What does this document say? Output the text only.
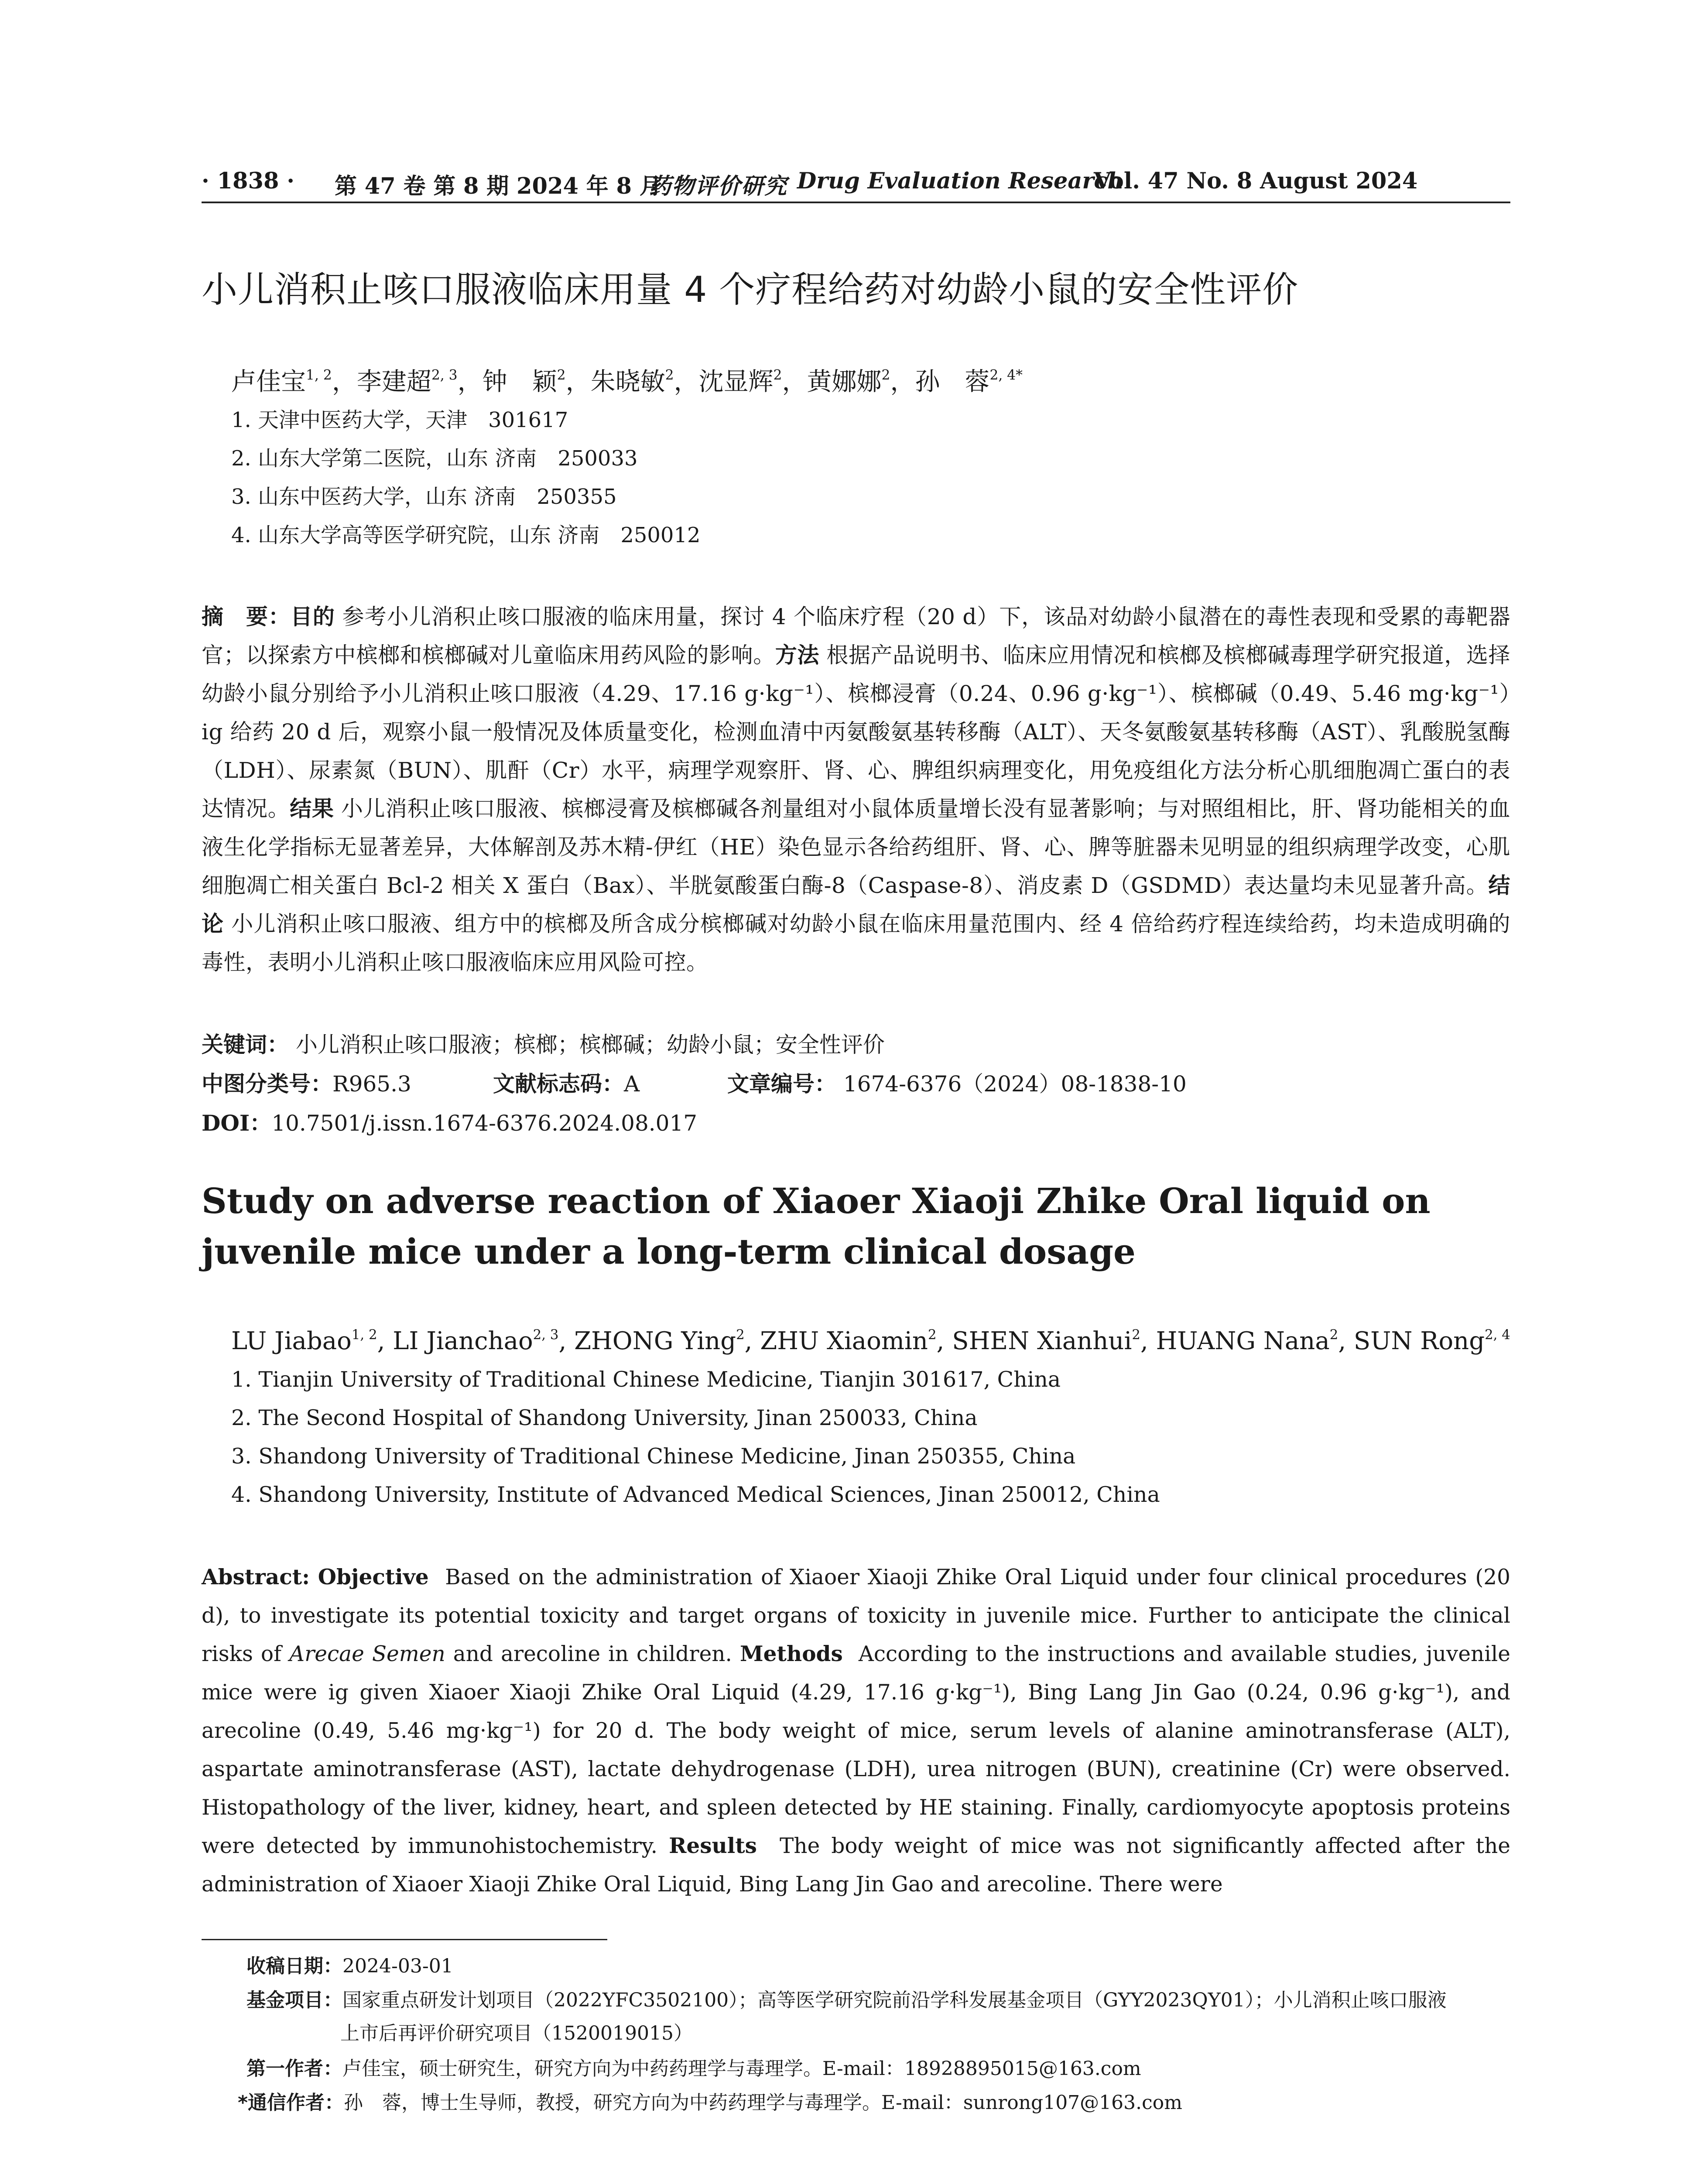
· 1838 · 第 47 卷 第 8 期 2024 年 8 月
药物评价研究 Drug Evaluation Research
Vol. 47 No. 8 August 2024
小儿消积止咳口服液临床用量 4 个疗程给药对幼龄小鼠的安全性评价
卢佳宝$^{1, 2}$，李建超$^{2, 3}$，钟　颖$^2$，朱晓敏$^2$，沈显辉$^2$，黄娜娜$^2$，孙　蓉$^{2, 4*}$
1. 天津中医药大学，天津　301617
2. 山东大学第二医院，山东 济南　250033
3. 山东中医药大学，山东 济南　250355
4. 山东大学高等医学研究院，山东 济南　250012
摘　要：目的 参考小儿消积止咳口服液的临床用量，探讨 4 个临床疗程（20 d）下，该品对幼龄小鼠潜在的毒性表现和受累的毒靶器官；以探索方中槟榔和槟榔碱对儿童临床用药风险的影响。方法 根据产品说明书、临床应用情况和槟榔及槟榔碱毒理学研究报道，选择幼龄小鼠分别给予小儿消积止咳口服液（4.29、17.16 g·kg⁻¹）、槟榔浸膏（0.24、0.96 g·kg⁻¹）、槟榔碱（0.49、5.46 mg·kg⁻¹）ig 给药 20 d 后，观察小鼠一般情况及体质量变化，检测血清中丙氨酸氨基转移酶（ALT）、天冬氨酸氨基转移酶（AST）、乳酸脱氢酶（LDH）、尿素氮（BUN）、肌酐（Cr）水平，病理学观察肝、肾、心、脾组织病理变化，用免疫组化方法分析心肌细胞凋亡蛋白的表达情况。结果 小儿消积止咳口服液、槟榔浸膏及槟榔碱各剂量组对小鼠体质量增长没有显著影响；与对照组相比，肝、肾功能相关的血液生化学指标无显著差异，大体解剖及苏木精-伊红（HE）染色显示各给药组肝、肾、心、脾等脏器未见明显的组织病理学改变，心肌细胞凋亡相关蛋白 Bcl-2 相关 X 蛋白（Bax）、半胱氨酸蛋白酶-8（Caspase-8）、消皮素 D（GSDMD）表达量均未见显著升高。结论 小儿消积止咳口服液、组方中的槟榔及所含成分槟榔碱对幼龄小鼠在临床用量范围内、经 4 倍给药疗程连续给药，均未造成明确的毒性，表明小儿消积止咳口服液临床应用风险可控。
关键词： 小儿消积止咳口服液；槟榔；槟榔碱；幼龄小鼠；安全性评价
中图分类号：R965.3	文献标志码：A	文章编号： 1674-6376（2024）08-1838-10
DOI：10.7501/j.issn.1674-6376.2024.08.017
Study on adverse reaction of Xiaoer Xiaoji Zhike Oral liquid on juvenile mice under a long-term clinical dosage
LU Jiabao$^{1, 2}$, LI Jianchao$^{2, 3}$, ZHONG Ying$^2$, ZHU Xiaomin$^2$, SHEN Xianhui$^2$, HUANG Nana$^2$, SUN Rong$^{2, 4}$
1. Tianjin University of Traditional Chinese Medicine, Tianjin 301617, China
2. The Second Hospital of Shandong University, Jinan 250033, China
3. Shandong University of Traditional Chinese Medicine, Jinan 250355, China
4. Shandong University, Institute of Advanced Medical Sciences, Jinan 250012, China
Abstract: Objective Based on the administration of Xiaoer Xiaoji Zhike Oral Liquid under four clinical procedures (20 d), to investigate its potential toxicity and target organs of toxicity in juvenile mice. Further to anticipate the clinical risks of Arecae Semen and arecoline in children. Methods According to the instructions and available studies, juvenile mice were ig given Xiaoer Xiaoji Zhike Oral Liquid (4.29, 17.16 g·kg⁻¹), Bing Lang Jin Gao (0.24, 0.96 g·kg⁻¹), and arecoline (0.49, 5.46 mg·kg⁻¹) for 20 d. The body weight of mice, serum levels of alanine aminotransferase (ALT), aspartate aminotransferase (AST), lactate dehydrogenase (LDH), urea nitrogen (BUN), creatinine (Cr) were observed. Histopathology of the liver, kidney, heart, and spleen detected by HE staining. Finally, cardiomyocyte apoptosis proteins were detected by immunohistochemistry. Results The body weight of mice was not significantly affected after the administration of Xiaoer Xiaoji Zhike Oral Liquid, Bing Lang Jin Gao and arecoline. There were
收稿日期：2024-03-01
基金项目：国家重点研发计划项目（2022YFC3502100）；高等医学研究院前沿学科发展基金项目（GYY2023QY01）；小儿消积止咳口服液
上市后再评价研究项目（1520019015）
第一作者：卢佳宝，硕士研究生，研究方向为中药药理学与毒理学。E-mail：18928895015@163.com
*通信作者：孙　蓉，博士生导师，教授，研究方向为中药药理学与毒理学。E-mail：sunrong107@163.com
